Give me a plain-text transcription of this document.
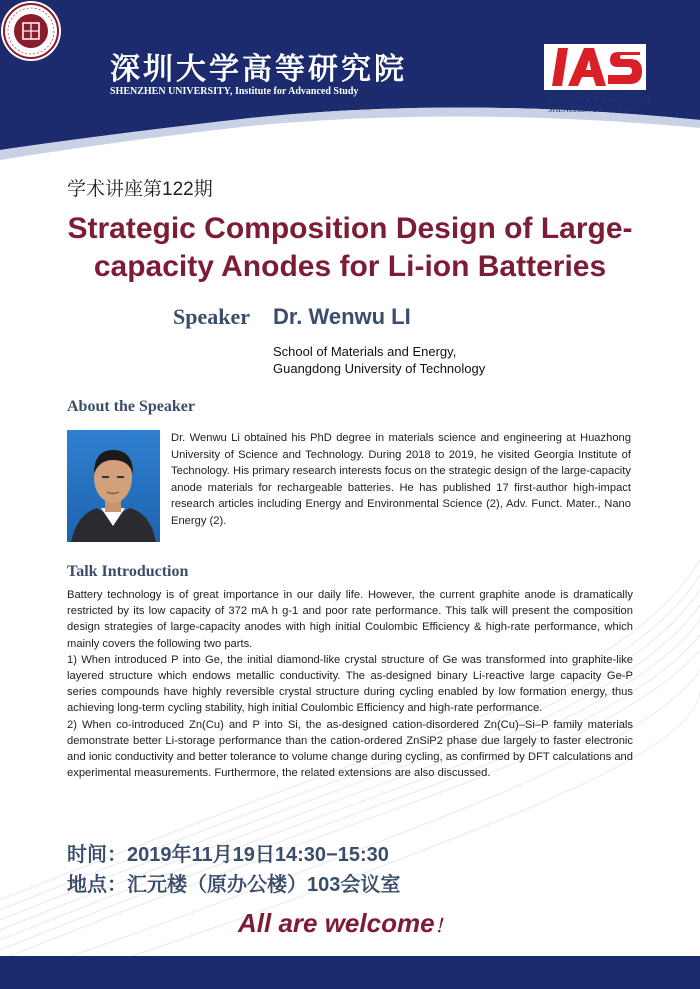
深圳大学高等研究院
SHENZHEN UNIVERSITY, Institute for Advanced Study
Institute for Advanced Study
SHENZHEN UNIVERSITY
学术讲座第122期
Strategic Composition Design of Large-capacity Anodes for Li-ion Batteries
Speaker Dr. Wenwu LI
School of Materials and Energy,
Guangdong University of Technology
About the Speaker
Dr. Wenwu Li obtained his PhD degree in materials science and engineering at Huazhong University of Science and Technology. During 2018 to 2019, he visited Georgia Institute of Technology. His primary research interests focus on the strategic design of the large-capacity anode materials for rechargeable batteries. He has published 17 first-author high-impact research articles including Energy and Environmental Science (2), Adv. Funct. Mater., Nano Energy (2).
Talk Introduction

Battery technology is of great importance in our daily life. However, the current graphite anode is dramatically restricted by its low capacity of 372 mA h g-1 and poor rate performance. This talk will present the composition design strategies of large-capacity anodes with high initial Coulombic Efficiency & high-rate performance, which mainly covers the following two parts.

1) When introduced P into Ge, the initial diamond-like crystal structure of Ge was transformed into graphite-like layered structure which endows metallic conductivity. The as-designed binary Li-reactive large capacity Ge-P series compounds have highly reversible crystal structure during cycling enabled by low formation energy, thus achieving long-term cycling stability, high initial Coulombic Efficiency and high-rate performance.

2) When co-introduced Zn(Cu) and P into Si, the as-designed cation-disordered Zn(Cu)–Si–P family materials demonstrate better Li-storage performance than the cation-ordered ZnSiP2 phase due largely to faster electronic and ionic conductivity and better tolerance to volume change during cycling, as confirmed by DFT calculations and experimental measurements. Furthermore, the related extensions are also discussed.

时间：2019年11月19日14:30−15:30
地点：汇元楼（原办公楼）103会议室
All are welcome！
